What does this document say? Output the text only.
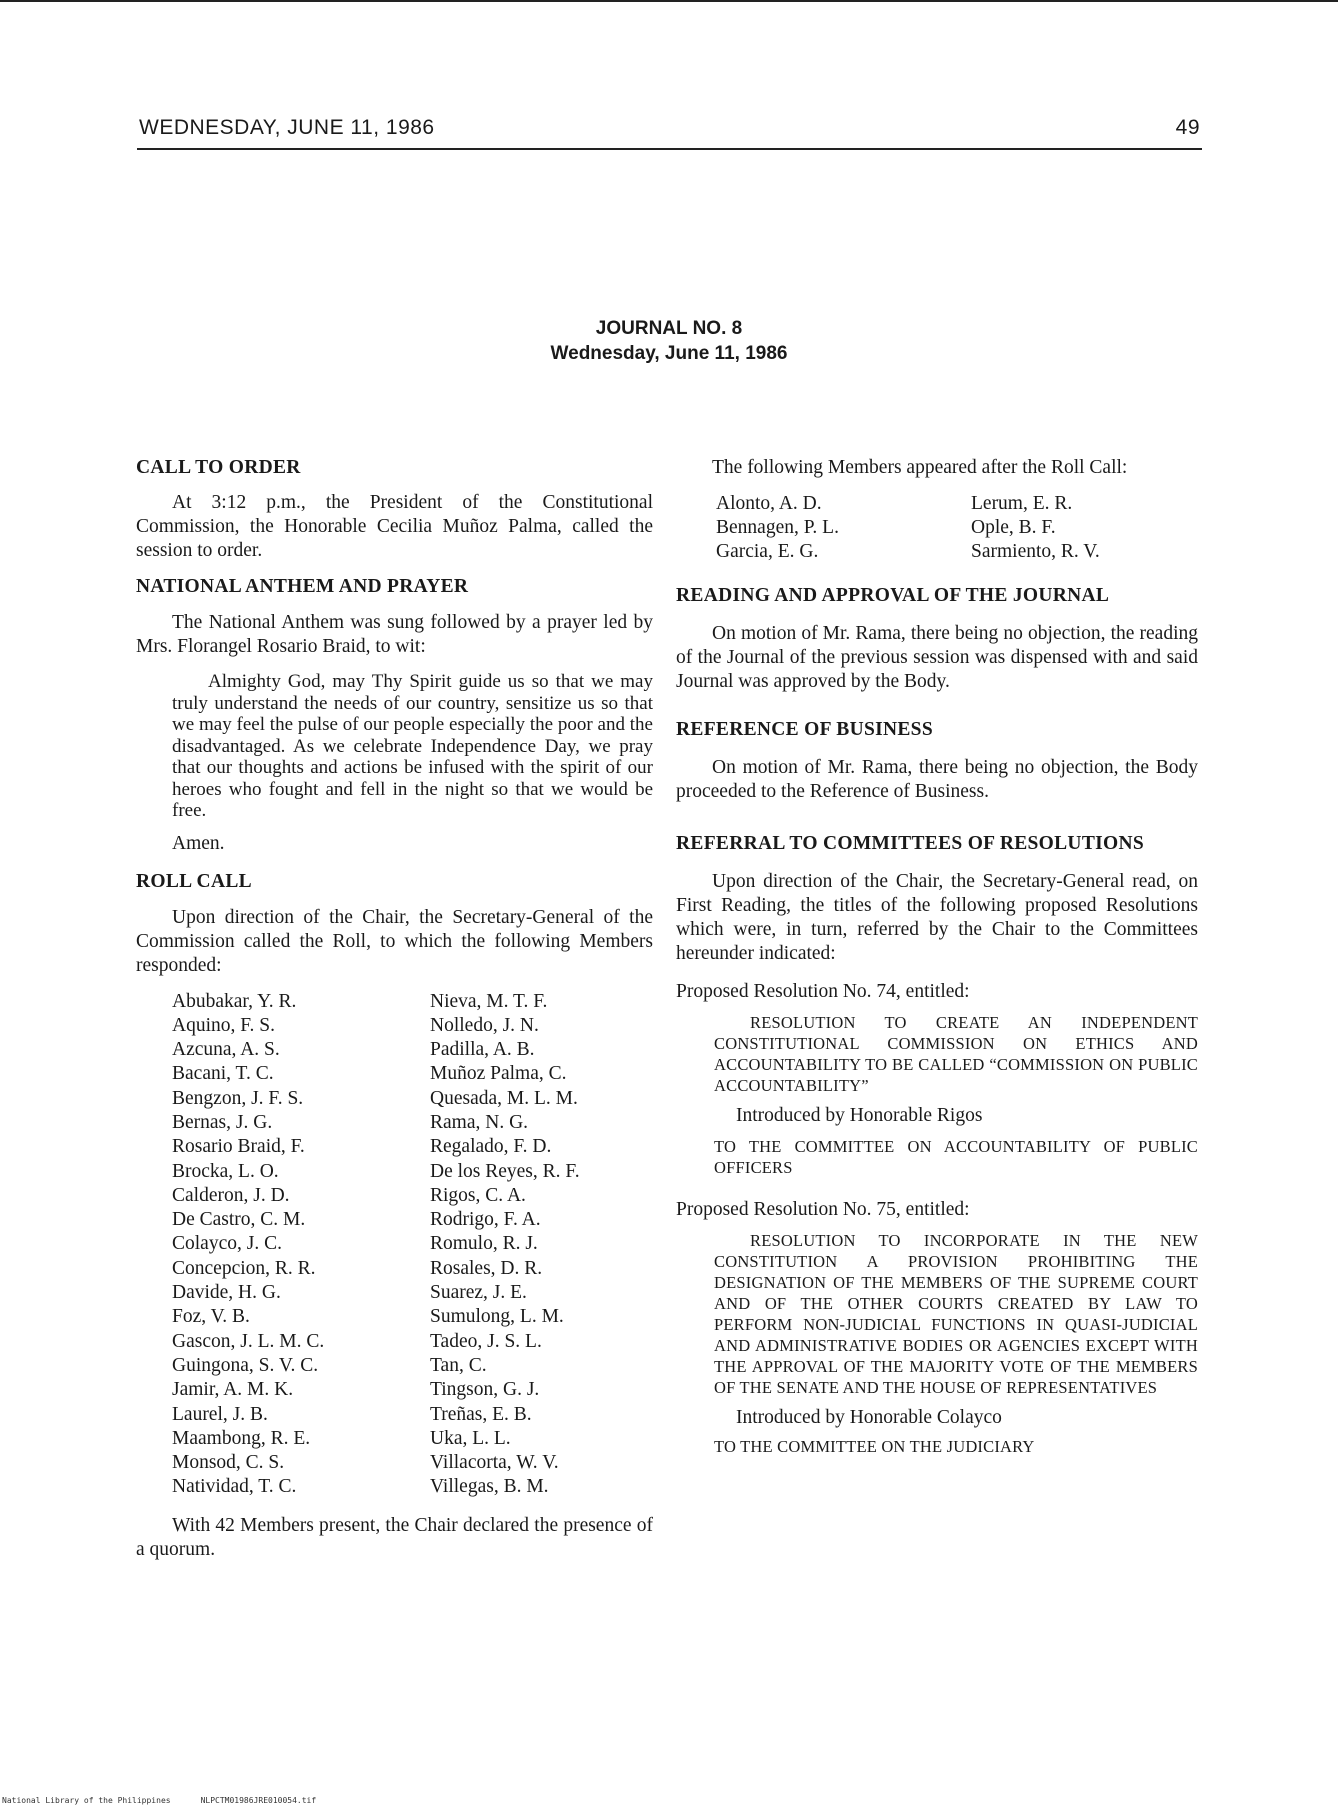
WEDNESDAY, JUNE 11, 1986	49
JOURNAL NO. 8
Wednesday, June 11, 1986
CALL TO ORDER

At 3:12 p.m., the President of the Constitutional Commission, the Honorable Cecilia Muñoz Palma, called the session to order.

NATIONAL ANTHEM AND PRAYER

The National Anthem was sung followed by a prayer led by Mrs. Florangel Rosario Braid, to wit:

Almighty God, may Thy Spirit guide us so that we may truly understand the needs of our country, sensitize us so that we may feel the pulse of our people especially the poor and the disadvantaged. As we celebrate Independence Day, we pray that our thoughts and actions be infused with the spirit of our heroes who fought and fell in the night so that we would be free.

Amen.

ROLL CALL

Upon direction of the Chair, the Secretary-General of the Commission called the Roll, to which the following Members responded:

Abubakar, Y. R.
Aquino, F. S.
Azcuna, A. S.
Bacani, T. C.
Bengzon, J. F. S.
Bernas, J. G.
Rosario Braid, F.
Brocka, L. O.
Calderon, J. D.
De Castro, C. M.
Colayco, J. C.
Concepcion, R. R.
Davide, H. G.
Foz, V. B.
Gascon, J. L. M. C.
Guingona, S. V. C.
Jamir, A. M. K.
Laurel, J. B.
Maambong, R. E.
Monsod, C. S.
Natividad, T. C.
Nieva, M. T. F.
Nolledo, J. N.
Padilla, A. B.
Muñoz Palma, C.
Quesada, M. L. M.
Rama, N. G.
Regalado, F. D.
De los Reyes, R. F.
Rigos, C. A.
Rodrigo, F. A.
Romulo, R. J.
Rosales, D. R.
Suarez, J. E.
Sumulong, L. M.
Tadeo, J. S. L.
Tan, C.
Tingson, G. J.
Treñas, E. B.
Uka, L. L.
Villacorta, W. V.
Villegas, B. M.

With 42 Members present, the Chair declared the presence of a quorum.

The following Members appeared after the Roll Call:

Alonto, A. D.
Bennagen, P. L.
Garcia, E. G.
Lerum, E. R.
Ople, B. F.
Sarmiento, R. V.
READING AND APPROVAL OF THE JOURNAL

On motion of Mr. Rama, there being no objection, the reading of the Journal of the previous session was dispensed with and said Journal was approved by the Body.

REFERENCE OF BUSINESS

On motion of Mr. Rama, there being no objection, the Body proceeded to the Reference of Business.

REFERRAL TO COMMITTEES OF RESOLUTIONS

Upon direction of the Chair, the Secretary-General read, on First Reading, the titles of the following proposed Resolutions which were, in turn, referred by the Chair to the Committees hereunder indicated:

Proposed Resolution No. 74, entitled:

RESOLUTION TO CREATE AN INDEPENDENT CONSTITUTIONAL COMMISSION ON ETHICS AND ACCOUNTABILITY TO BE CALLED “COMMISSION ON PUBLIC ACCOUNTABILITY”

Introduced by Honorable Rigos

TO THE COMMITTEE ON ACCOUNTABILITY OF PUBLIC OFFICERS

Proposed Resolution No. 75, entitled:

RESOLUTION TO INCORPORATE IN THE NEW CONSTITUTION A PROVISION PROHIBITING THE DESIGNATION OF THE MEMBERS OF THE SUPREME COURT AND OF THE OTHER COURTS CREATED BY LAW TO PERFORM NON-JUDICIAL FUNCTIONS IN QUASI-JUDICIAL AND ADMINISTRATIVE BODIES OR AGENCIES EXCEPT WITH THE APPROVAL OF THE MAJORITY VOTE OF THE MEMBERS OF THE SENATE AND THE HOUSE OF REPRESENTATIVES

Introduced by Honorable Colayco

TO THE COMMITTEE ON THE JUDICIARY

National Library of the Philippines	NLPCTM01986JRE010054.tif
